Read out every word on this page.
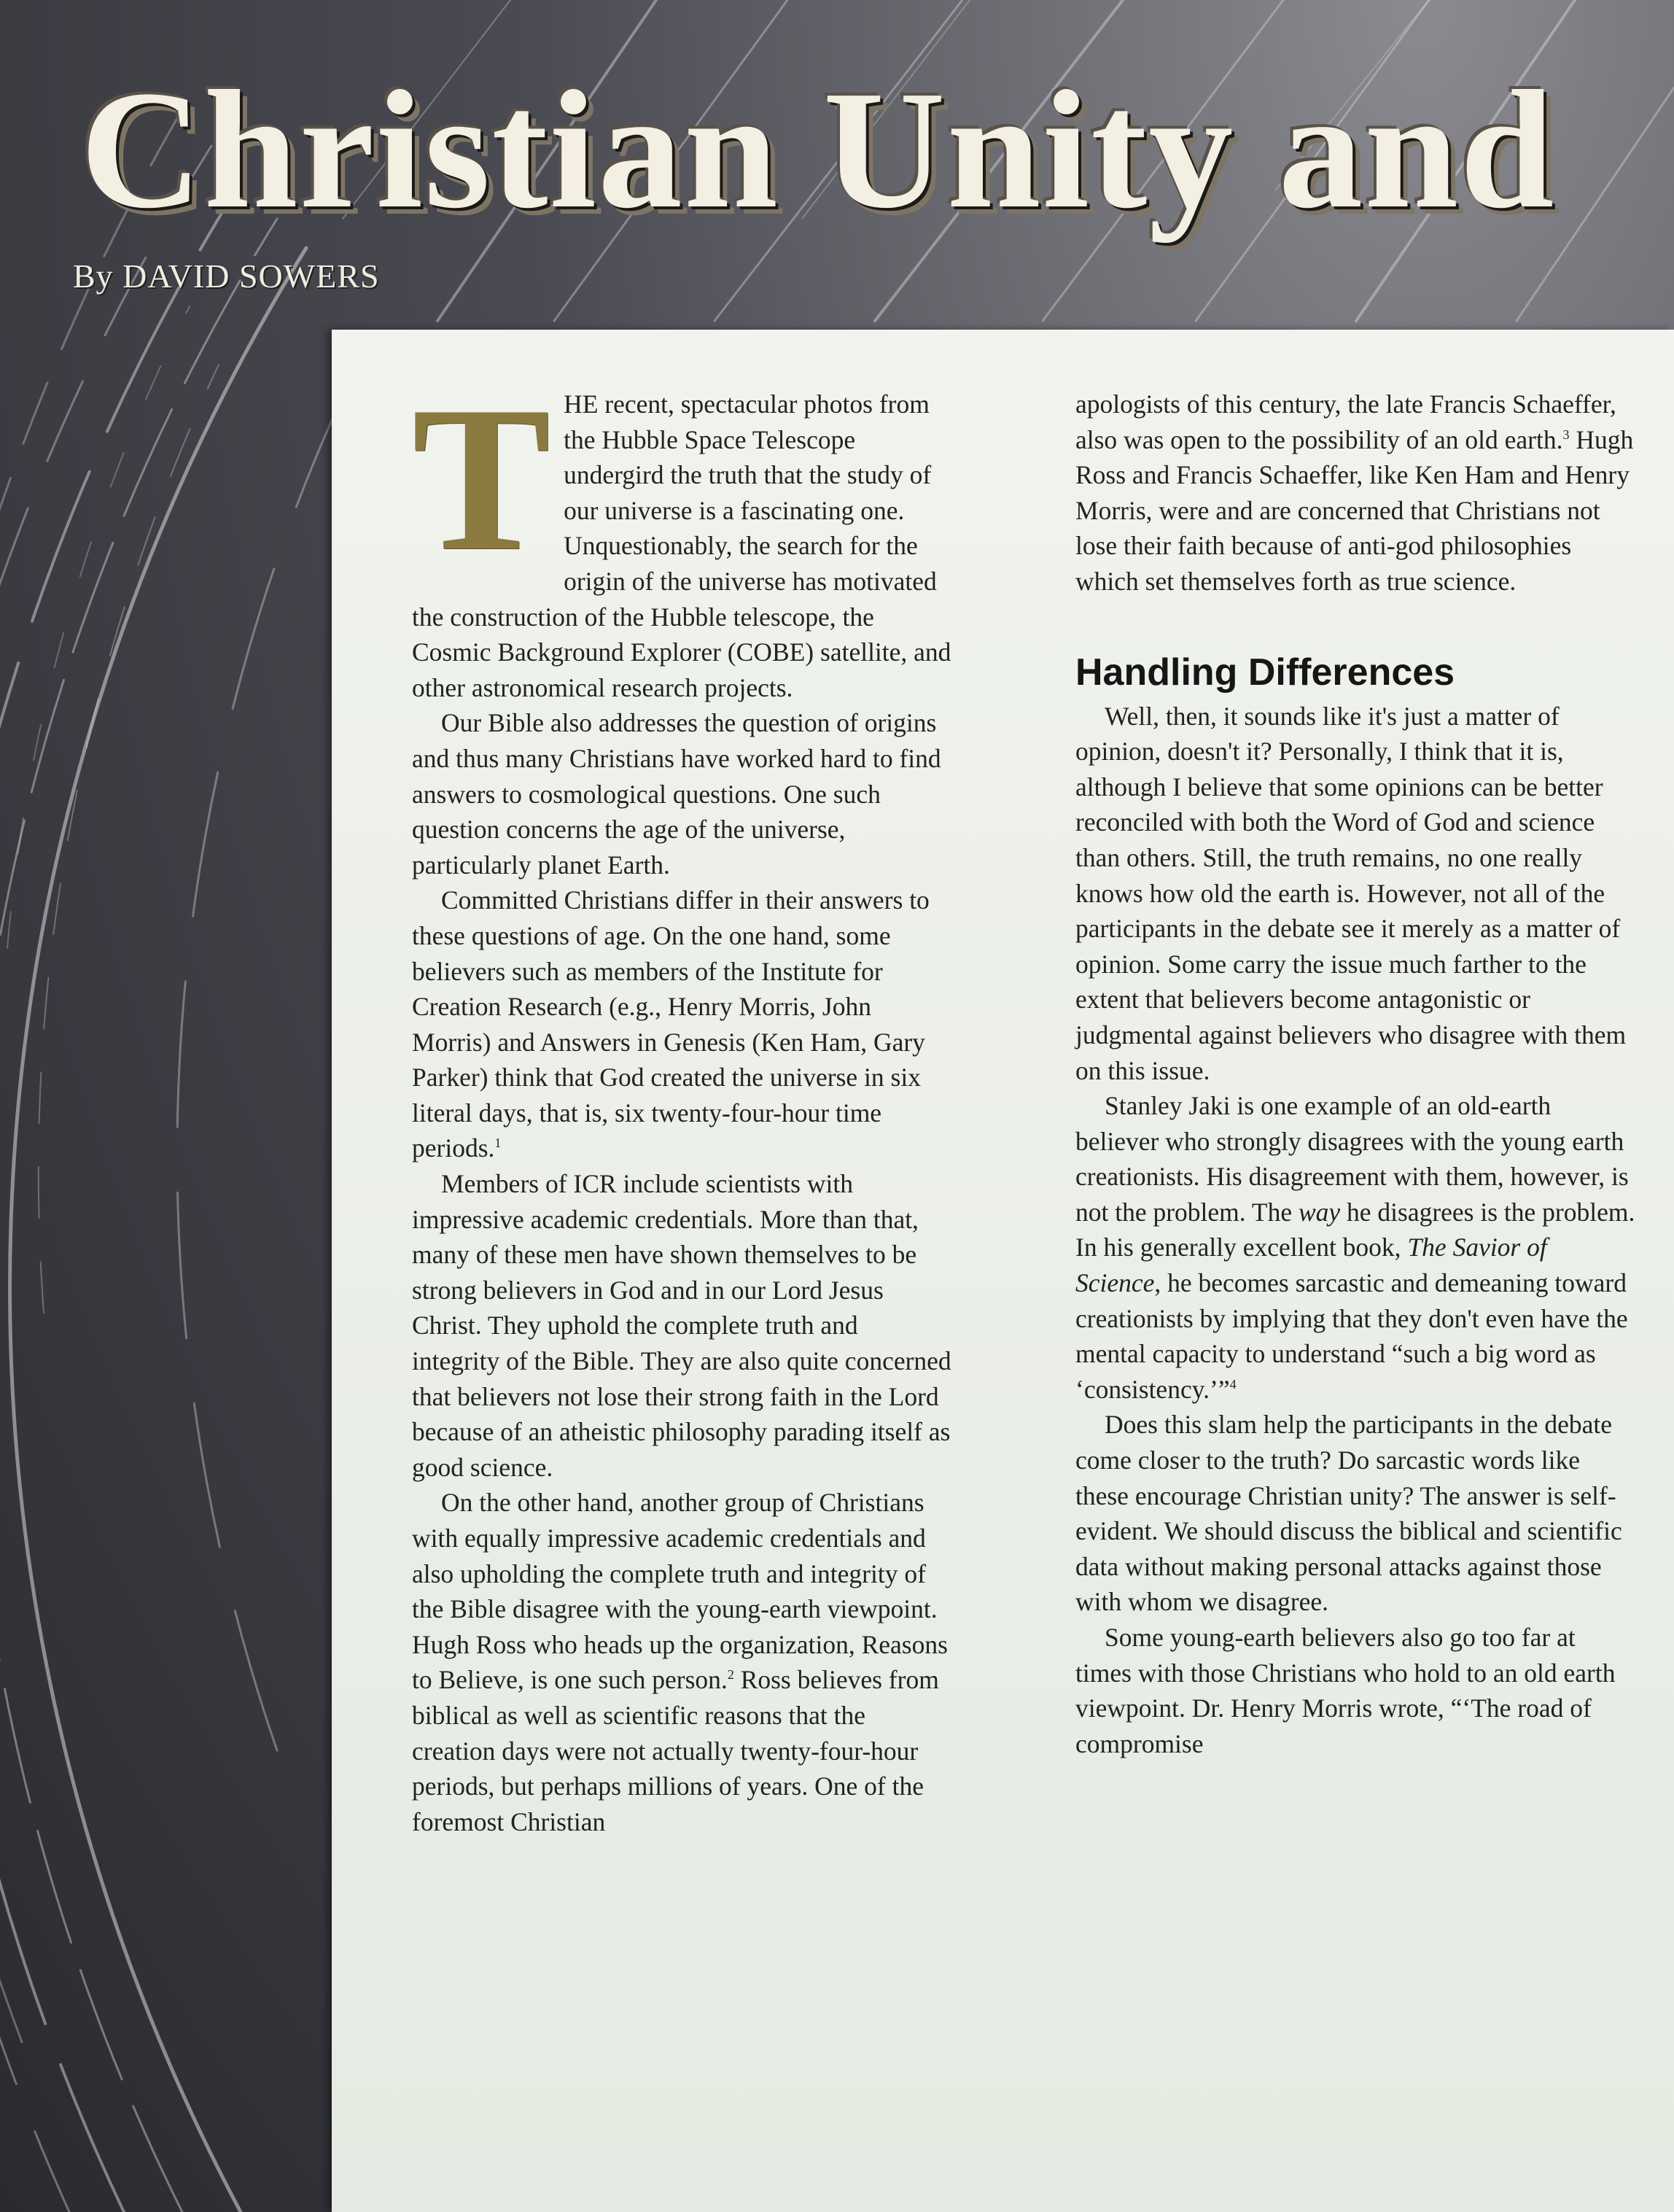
Christian Unity and
By DAVID SOWERS

THE recent, spectacular photos from the Hubble Space Telescope undergird the truth that the study of our universe is a fascinating one. Unquestionably, the search for the origin of the universe has motivated the construction of the Hubble telescope, the Cosmic Background Explorer (COBE) satellite, and other astronomical research projects.

Our Bible also addresses the question of origins and thus many Christians have worked hard to find answers to cosmological questions. One such question concerns the age of the universe, particularly planet Earth.

Committed Christians differ in their answers to these questions of age. On the one hand, some believers such as members of the Institute for Creation Research (e.g., Henry Morris, John Morris) and Answers in Genesis (Ken Ham, Gary Parker) think that God created the universe in six literal days, that is, six twenty-four-hour time periods.$^1$

Members of ICR include scientists with impressive academic credentials. More than that, many of these men have shown themselves to be strong believers in God and in our Lord Jesus Christ. They uphold the complete truth and integrity of the Bible. They are also quite concerned that believers not lose their strong faith in the Lord because of an atheistic philosophy parading itself as good science.

On the other hand, another group of Christians with equally impressive academic credentials and also upholding the complete truth and integrity of the Bible disagree with the young-earth viewpoint. Hugh Ross who heads up the organization, Reasons to Believe, is one such person.$^2$ Ross believes from biblical as well as scientific reasons that the creation days were not actually twenty-four-hour periods, but perhaps millions of years. One of the foremost Christian

apologists of this century, the late Francis Schaeffer, also was open to the possibility of an old earth.$^3$ Hugh Ross and Francis Schaeffer, like Ken Ham and Henry Morris, were and are concerned that Christians not lose their faith because of anti-god philosophies which set themselves forth as true science.

Handling Differences

Well, then, it sounds like it's just a matter of opinion, doesn't it? Personally, I think that it is, although I believe that some opinions can be better reconciled with both the Word of God and science than others. Still, the truth remains, no one really knows how old the earth is. However, not all of the participants in the debate see it merely as a matter of opinion. Some carry the issue much farther to the extent that believers become antagonistic or judgmental against believers who disagree with them on this issue.

Stanley Jaki is one example of an old-earth believer who strongly disagrees with the young earth creationists. His disagreement with them, however, is not the problem. The way he disagrees is the problem. In his generally excellent book, The Savior of Science, he becomes sarcastic and demeaning toward creationists by implying that they don't even have the mental capacity to understand “such a big word as ‘consistency.’”$^4$

Does this slam help the participants in the debate come closer to the truth? Do sarcastic words like these encourage Christian unity? The answer is self-evident. We should discuss the biblical and scientific data without making personal attacks against those with whom we disagree.

Some young-earth believers also go too far at times with those Christians who hold to an old earth viewpoint. Dr. Henry Morris wrote, “‘The road of compromise
